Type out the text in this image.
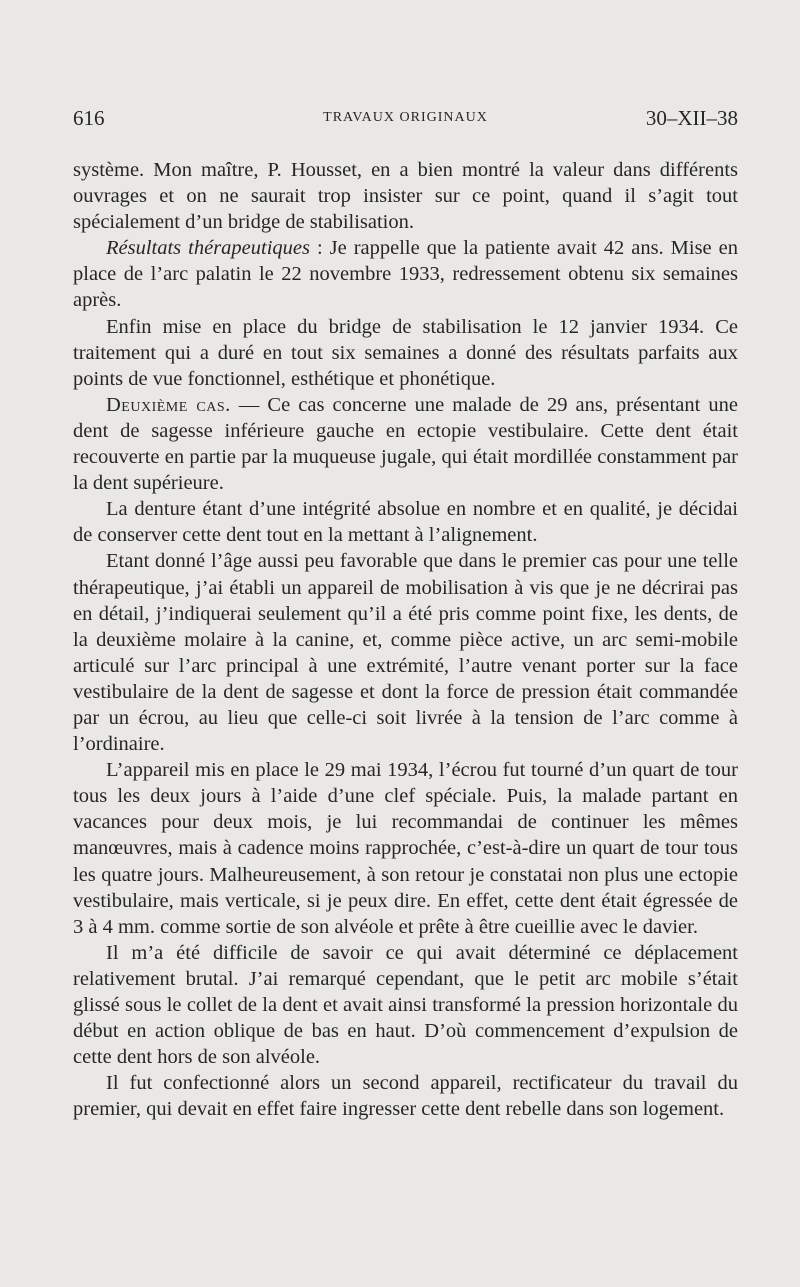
616	TRAVAUX ORIGINAUX	30–XII–38

système. Mon maître, P. Housset, en a bien montré la valeur dans différents ouvrages et on ne saurait trop insister sur ce point, quand il s’agit tout spécialement d’un bridge de stabilisation.

Résultats thérapeutiques : Je rappelle que la patiente avait 42 ans. Mise en place de l’arc palatin le 22 novembre 1933, redressement obtenu six semaines après.

Enfin mise en place du bridge de stabilisation le 12 janvier 1934. Ce traitement qui a duré en tout six semaines a donné des résultats parfaits aux points de vue fonctionnel, esthétique et phonétique.

Deuxième cas. — Ce cas concerne une malade de 29 ans, présentant une dent de sagesse inférieure gauche en ectopie vestibulaire. Cette dent était recouverte en partie par la muqueuse jugale, qui était mordillée constamment par la dent supérieure.

La denture étant d’une intégrité absolue en nombre et en qualité, je décidai de conserver cette dent tout en la mettant à l’alignement.

Etant donné l’âge aussi peu favorable que dans le premier cas pour une telle thérapeutique, j’ai établi un appareil de mobilisation à vis que je ne décrirai pas en détail, j’indiquerai seulement qu’il a été pris comme point fixe, les dents, de la deuxième molaire à la canine, et, comme pièce active, un arc semi-mobile articulé sur l’arc principal à une extrémité, l’autre venant porter sur la face vestibulaire de la dent de sagesse et dont la force de pression était commandée par un écrou, au lieu que celle-ci soit livrée à la tension de l’arc comme à l’ordinaire.

L’appareil mis en place le 29 mai 1934, l’écrou fut tourné d’un quart de tour tous les deux jours à l’aide d’une clef spéciale. Puis, la malade partant en vacances pour deux mois, je lui recommandai de continuer les mêmes manœuvres, mais à cadence moins rapprochée, c’est-à-dire un quart de tour tous les quatre jours. Malheureusement, à son retour je constatai non plus une ectopie vestibulaire, mais verticale, si je peux dire. En effet, cette dent était égressée de 3 à 4 mm. comme sortie de son alvéole et prête à être cueillie avec le davier.

Il m’a été difficile de savoir ce qui avait déterminé ce déplacement relativement brutal. J’ai remarqué cependant, que le petit arc mobile s’était glissé sous le collet de la dent et avait ainsi transformé la pression horizontale du début en action oblique de bas en haut. D’où commencement d’expulsion de cette dent hors de son alvéole.

Il fut confectionné alors un second appareil, rectificateur du travail du premier, qui devait en effet faire ingresser cette dent rebelle dans son logement.
